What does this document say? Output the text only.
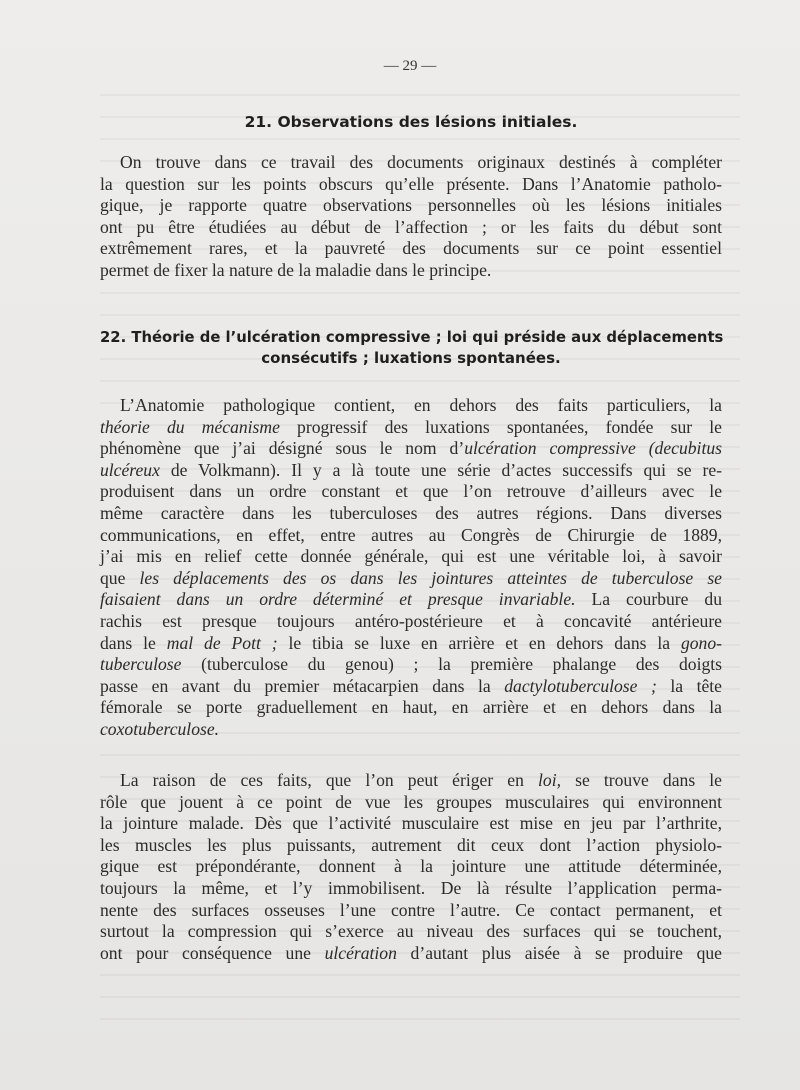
— 29 —
21. Observations des lésions initiales.
On trouve dans ce travail des documents originaux destinés à compléter
la question sur les points obscurs qu’elle présente. Dans l’Anatomie patholo-
gique, je rapporte quatre observations personnelles où les lésions initiales
ont pu être étudiées au début de l’affection ; or les faits du début sont
extrêmement rares, et la pauvreté des documents sur ce point essentiel
permet de fixer la nature de la maladie dans le principe.
22. Théorie de l’ulcération compressive ; loi qui préside aux déplacements
consécutifs ; luxations spontanées.
L’Anatomie pathologique contient, en dehors des faits particuliers, la
théorie du mécanisme progressif des luxations spontanées, fondée sur le
phénomène que j’ai désigné sous le nom d’ulcération compressive (decubitus
ulcéreux de Volkmann). Il y a là toute une série d’actes successifs qui se re-
produisent dans un ordre constant et que l’on retrouve d’ailleurs avec le
même caractère dans les tuberculoses des autres régions. Dans diverses
communications, en effet, entre autres au Congrès de Chirurgie de 1889,
j’ai mis en relief cette donnée générale, qui est une véritable loi, à savoir
que les déplacements des os dans les jointures atteintes de tuberculose se
faisaient dans un ordre déterminé et presque invariable. La courbure du
rachis est presque toujours antéro-postérieure et à concavité antérieure
dans le mal de Pott ; le tibia se luxe en arrière et en dehors dans la gono-
tuberculose (tuberculose du genou) ; la première phalange des doigts
passe en avant du premier métacarpien dans la dactylotuberculose ; la tête
fémorale se porte graduellement en haut, en arrière et en dehors dans la
coxotuberculose.
La raison de ces faits, que l’on peut ériger en loi, se trouve dans le
rôle que jouent à ce point de vue les groupes musculaires qui environnent
la jointure malade. Dès que l’activité musculaire est mise en jeu par l’arthrite,
les muscles les plus puissants, autrement dit ceux dont l’action physiolo-
gique est prépondérante, donnent à la jointure une attitude déterminée,
toujours la même, et l’y immobilisent. De là résulte l’application perma-
nente des surfaces osseuses l’une contre l’autre. Ce contact permanent, et
surtout la compression qui s’exerce au niveau des surfaces qui se touchent,
ont pour conséquence une ulcération d’autant plus aisée à se produire que
